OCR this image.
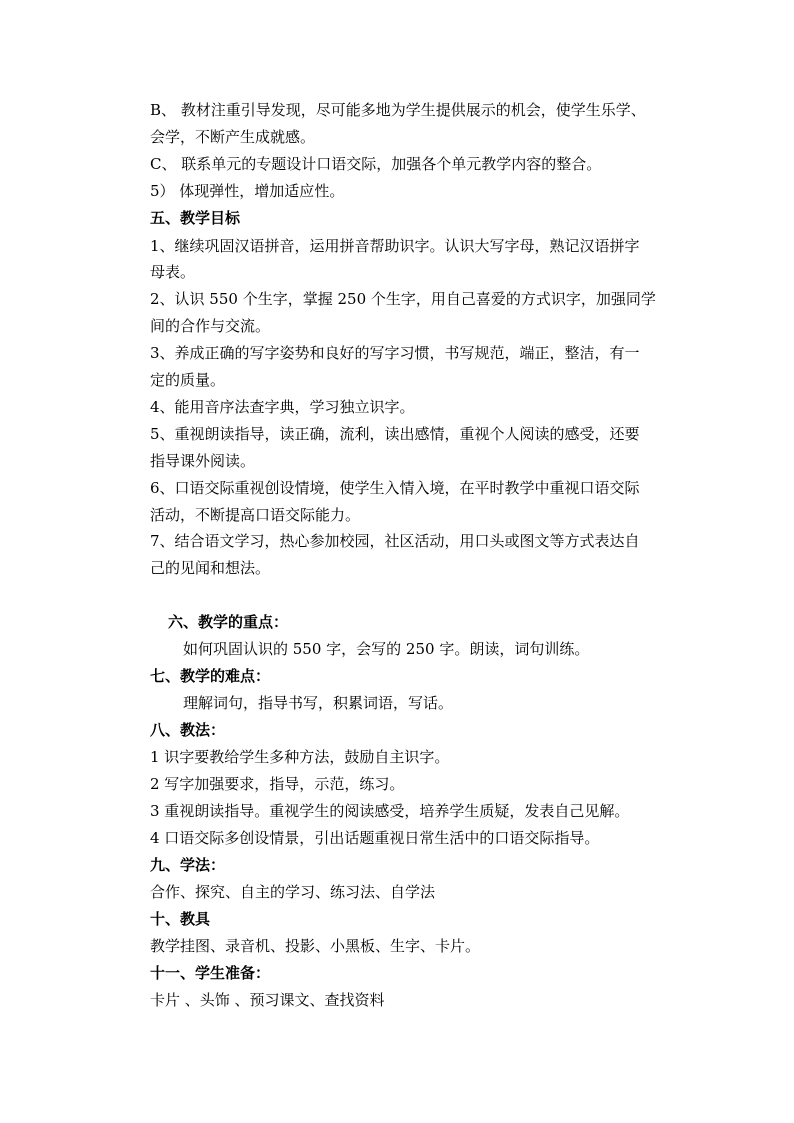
B、 教材注重引导发现，尽可能多地为学生提供展示的机会，使学生乐学、
会学，不断产生成就感。
C、 联系单元的专题设计口语交际，加强各个单元教学内容的整合。
5） 体现弹性，增加适应性。
五、教学目标
1、继续巩固汉语拼音，运用拼音帮助识字。认识大写字母，熟记汉语拼字
母表。
2、认识 550 个生字，掌握 250 个生字，用自己喜爱的方式识字，加强同学
间的合作与交流。
3、养成正确的写字姿势和良好的写字习惯，书写规范，端正，整洁，有一
定的质量。
4、能用音序法查字典，学习独立识字。
5、重视朗读指导，读正确，流利，读出感情，重视个人阅读的感受，还要
指导课外阅读。
6、口语交际重视创设情境，使学生入情入境，在平时教学中重视口语交际
活动，不断提高口语交际能力。
7、结合语文学习，热心参加校园，社区活动，用口头或图文等方式表达自
己的见闻和想法。
六、教学的重点：
如何巩固认识的 550 字，会写的 250 字。朗读，词句训练。
七、教学的难点：
理解词句，指导书写，积累词语，写话。
八、教法：
1 识字要教给学生多种方法，鼓励自主识字。
2 写字加强要求，指导，示范，练习。
3 重视朗读指导。重视学生的阅读感受，培养学生质疑，发表自己见解。
4 口语交际多创设情景，引出话题重视日常生活中的口语交际指导。
九、学法：
合作、探究、自主的学习、练习法、自学法
十、教具
教学挂图、录音机、投影、小黑板、生字、卡片。
十一、学生准备：
卡片 、头饰 、预习课文、查找资料
